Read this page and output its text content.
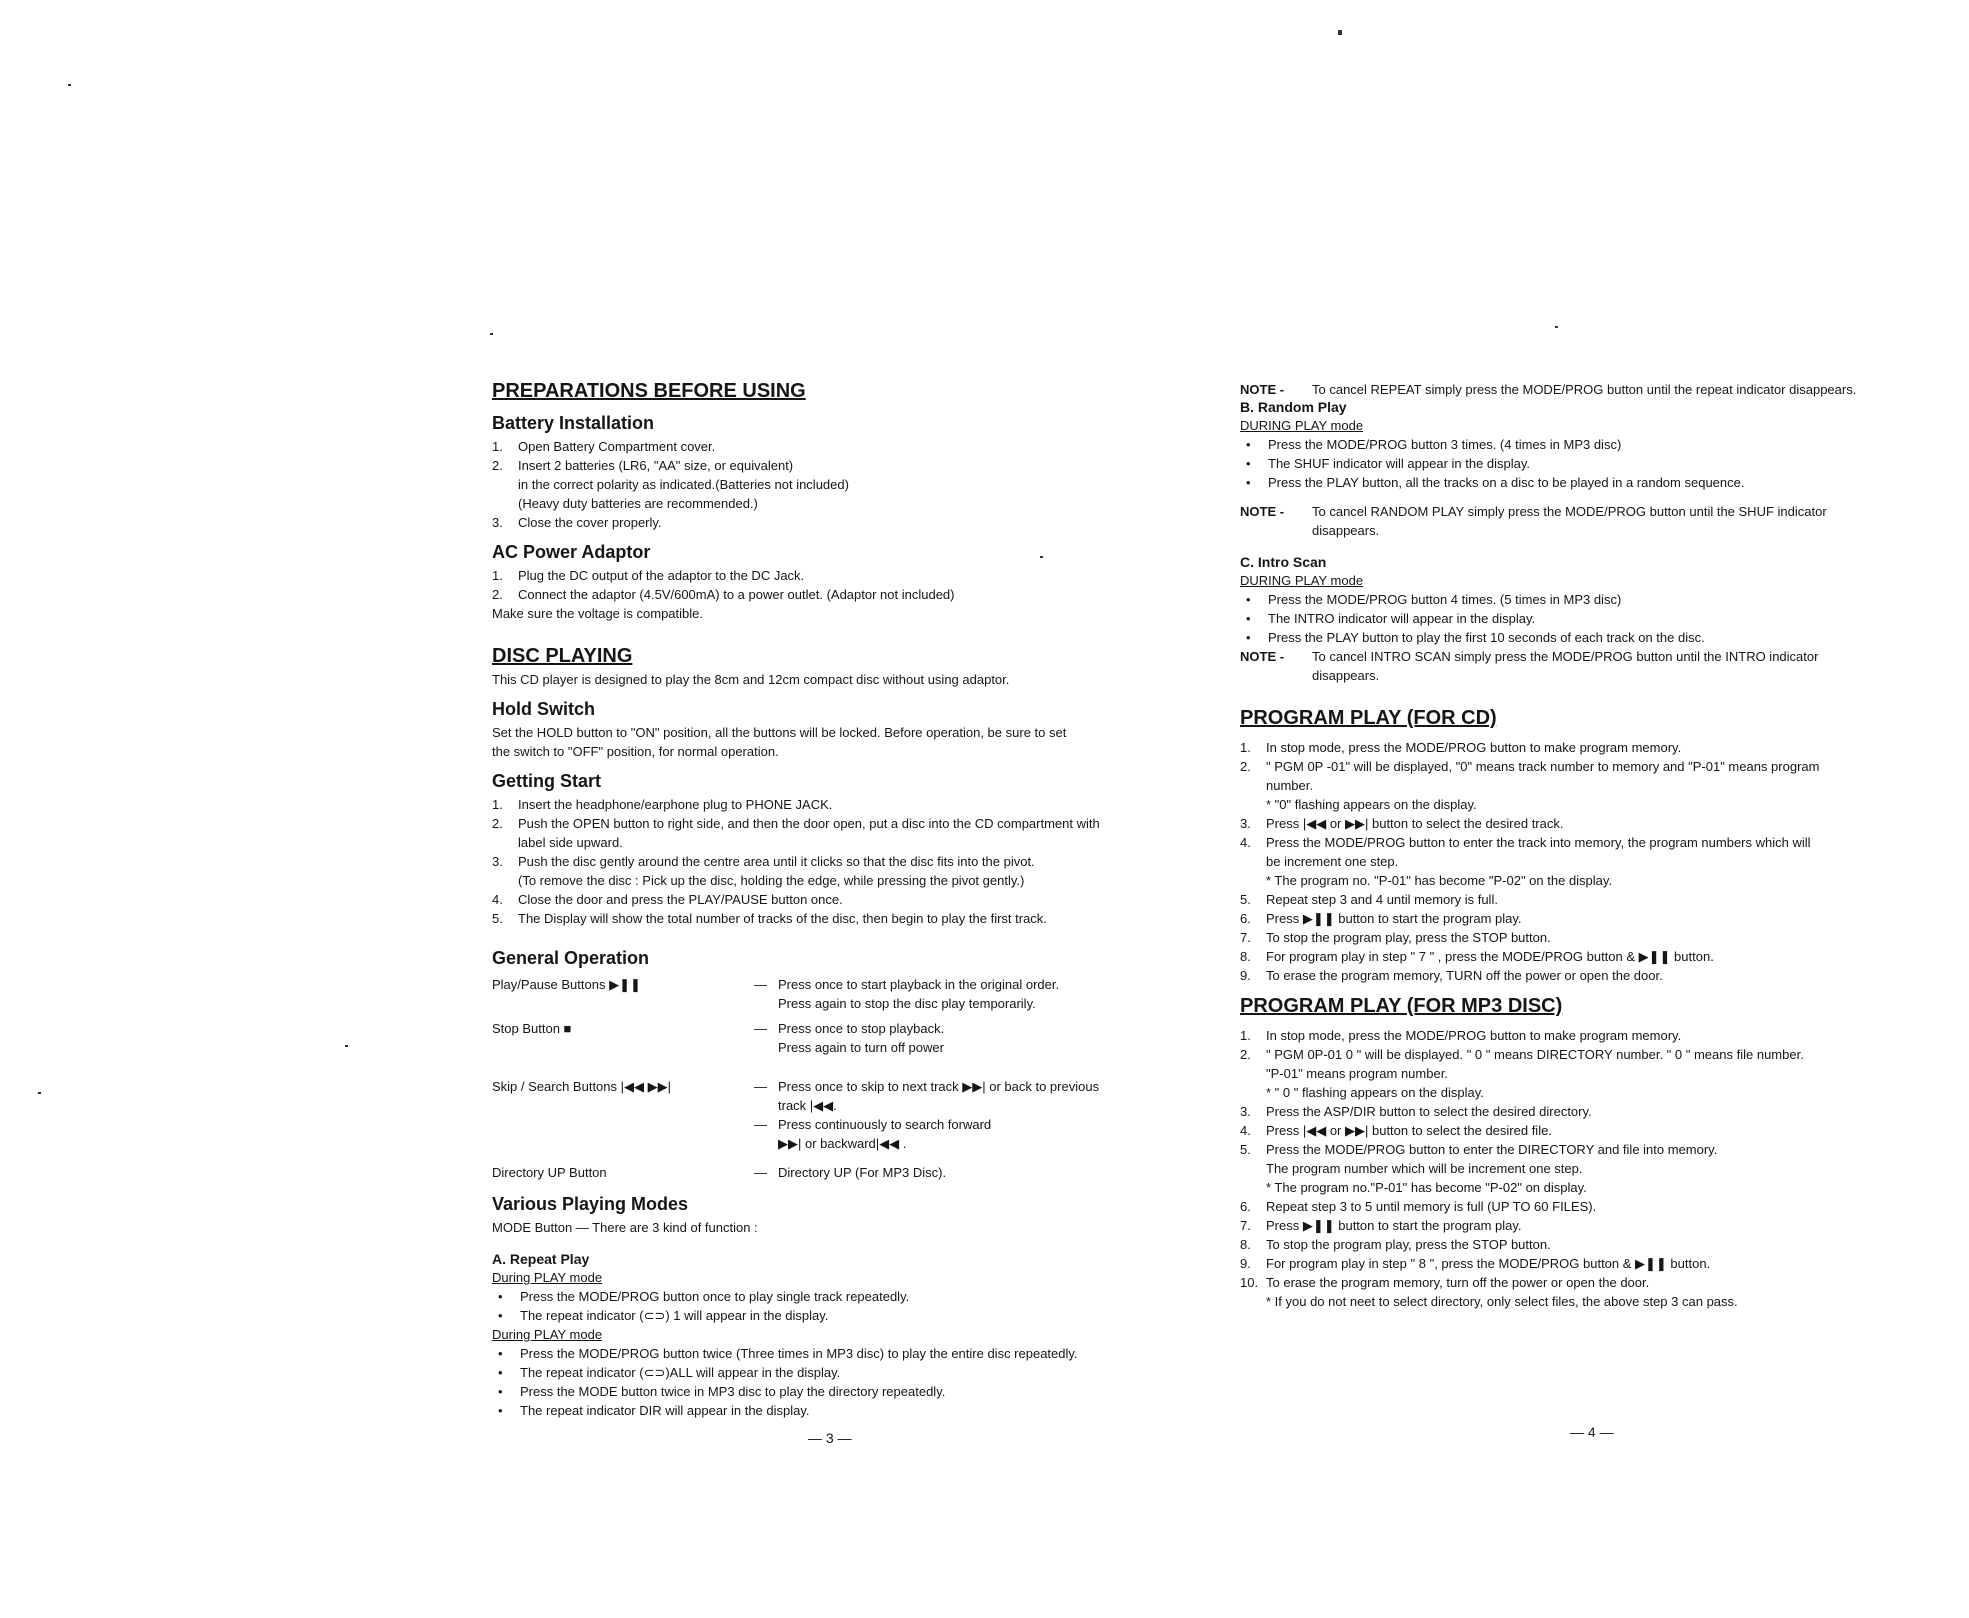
PREPARATIONS BEFORE USING
Battery Installation
1. Open Battery Compartment cover.
2. Insert 2 batteries (LR6, "AA" size, or equivalent)
in the correct polarity as indicated.(Batteries not included)
(Heavy duty batteries are recommended.)
3. Close the cover properly.
AC Power Adaptor
1. Plug the DC output of the adaptor to the DC Jack.
2. Connect the adaptor (4.5V/600mA) to a power outlet. (Adaptor not included)
Make sure the voltage is compatible.
DISC PLAYING
This CD player is designed to play the 8cm and 12cm compact disc without using adaptor.
Hold Switch
Set the HOLD button to "ON" position, all the buttons will be locked. Before operation, be sure to set
the switch to "OFF" position, for normal operation.
Getting Start
1. Insert the headphone/earphone plug to PHONE JACK.
2. Push the OPEN button to right side, and then the door open, put a disc into the CD compartment with
label side upward.
3. Push the disc gently around the centre area until it clicks so that the disc fits into the pivot.
(To remove the disc : Pick up the disc, holding the edge, while pressing the pivot gently.)
4. Close the door and press the PLAY/PAUSE button once.
5. The Display will show the total number of tracks of the disc, then begin to play the first track.
General Operation
Play/Pause Buttons ▶❚❚	— Press once to start playback in the original order.
Press again to stop the disc play temporarily.
Stop Button ■	— Press once to stop playback.
Press again to turn off power
Skip / Search Buttons |◀◀ ▶▶|	— Press once to skip to next track ▶▶| or back to previous
track |◀◀.
— Press continuously to search forward
▶▶| or backward|◀◀ .
Directory UP Button	— Directory UP (For MP3 Disc).
Various Playing Modes
MODE Button — There are 3 kind of function :
A. Repeat Play
During PLAY mode
• Press the MODE/PROG button once to play single track repeatedly.
• The repeat indicator (⊂⊃) 1 will appear in the display.
During PLAY mode
• Press the MODE/PROG button twice (Three times in MP3 disc) to play the entire disc repeatedly.
• The repeat indicator (⊂⊃)ALL will appear in the display.
• Press the MODE button twice in MP3 disc to play the directory repeatedly.
• The repeat indicator DIR will appear in the display.
— 3 —
NOTE - To cancel REPEAT simply press the MODE/PROG button until the repeat indicator disappears.
B. Random Play
DURING PLAY mode
• Press the MODE/PROG button 3 times. (4 times in MP3 disc)
• The SHUF indicator will appear in the display.
• Press the PLAY button, all the tracks on a disc to be played in a random sequence.
NOTE - To cancel RANDOM PLAY simply press the MODE/PROG button until the SHUF indicator
disappears.
C. Intro Scan
DURING PLAY mode
• Press the MODE/PROG button 4 times. (5 times in MP3 disc)
• The INTRO indicator will appear in the display.
• Press the PLAY button to play the first 10 seconds of each track on the disc.
NOTE - To cancel INTRO SCAN simply press the MODE/PROG button until the INTRO indicator
disappears.
PROGRAM PLAY (FOR CD)
1. In stop mode, press the MODE/PROG button to make program memory.
2. " PGM 0P -01" will be displayed, "0" means track number to memory and "P-01" means program
number.
* "0" flashing appears on the display.
3. Press |◀◀ or ▶▶| button to select the desired track.
4. Press the MODE/PROG button to enter the track into memory, the program numbers which will
be increment one step.
* The program no. "P-01" has become "P-02" on the display.
5. Repeat step 3 and 4 until memory is full.
6. Press ▶❚❚ button to start the program play.
7. To stop the program play, press the STOP button.
8. For program play in step " 7 " , press the MODE/PROG button & ▶❚❚ button.
9. To erase the program memory, TURN off the power or open the door.
PROGRAM PLAY (FOR MP3 DISC)
1. In stop mode, press the MODE/PROG button to make program memory.
2. " PGM 0P-01 0 " will be displayed. " 0 " means DIRECTORY number. " 0 " means file number.
"P-01" means program number.
* " 0 " flashing appears on the display.
3. Press the ASP/DIR button to select the desired directory.
4. Press |◀◀ or ▶▶| button to select the desired file.
5. Press the MODE/PROG button to enter the DIRECTORY and file into memory.
The program number which will be increment one step.
* The program no."P-01" has become "P-02" on display.
6. Repeat step 3 to 5 until memory is full (UP TO 60 FILES).
7. Press ▶❚❚ button to start the program play.
8. To stop the program play, press the STOP button.
9. For program play in step " 8 ", press the MODE/PROG button & ▶❚❚ button.
10. To erase the program memory, turn off the power or open the door.
* If you do not neet to select directory, only select files, the above step 3 can pass.
— 4 —
